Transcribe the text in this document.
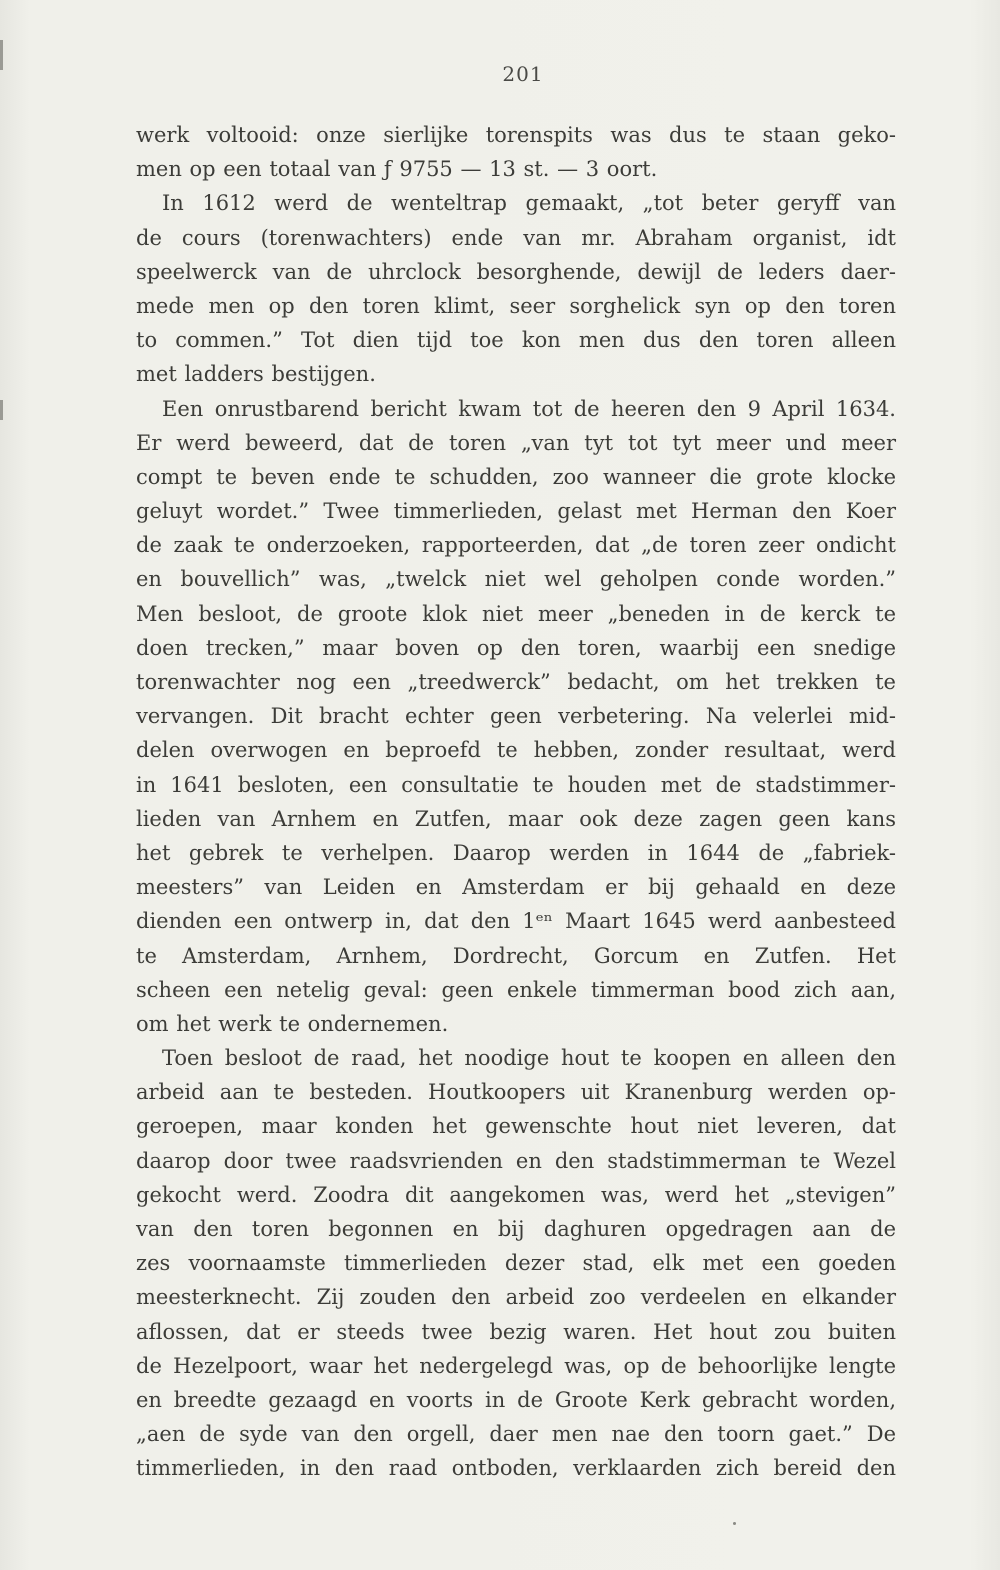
201
werk voltooid: onze sierlijke torenspits was dus te staan geko-
men op een totaal van ƒ 9755 — 13 st. — 3 oort.
In 1612 werd de wenteltrap gemaakt, „tot beter geryff van
de cours (torenwachters) ende van mr. Abraham organist, idt
speelwerck van de uhrclock besorghende, dewijl de leders daer-
mede men op den toren klimt, seer sorghelick syn op den toren
to commen.” Tot dien tijd toe kon men dus den toren alleen
met ladders bestijgen.
Een onrustbarend bericht kwam tot de heeren den 9 April 1634.
Er werd beweerd, dat de toren „van tyt tot tyt meer und meer
compt te beven ende te schudden, zoo wanneer die grote klocke
geluyt wordet.” Twee timmerlieden, gelast met Herman den Koer
de zaak te onderzoeken, rapporteerden, dat „de toren zeer ondicht
en bouvellich” was, „twelck niet wel geholpen conde worden.”
Men besloot, de groote klok niet meer „beneden in de kerck te
doen trecken,” maar boven op den toren, waarbij een snedige
torenwachter nog een „treedwerck” bedacht, om het trekken te
vervangen. Dit bracht echter geen verbetering. Na velerlei mid-
delen overwogen en beproefd te hebben, zonder resultaat, werd
in 1641 besloten, een consultatie te houden met de stadstimmer-
lieden van Arnhem en Zutfen, maar ook deze zagen geen kans
het gebrek te verhelpen. Daarop werden in 1644 de „fabriek-
meesters” van Leiden en Amsterdam er bij gehaald en deze
dienden een ontwerp in, dat den 1ᵉⁿ Maart 1645 werd aanbesteed
te Amsterdam, Arnhem, Dordrecht, Gorcum en Zutfen. Het
scheen een netelig geval: geen enkele timmerman bood zich aan,
om het werk te ondernemen.
Toen besloot de raad, het noodige hout te koopen en alleen den
arbeid aan te besteden. Houtkoopers uit Kranenburg werden op-
geroepen, maar konden het gewenschte hout niet leveren, dat
daarop door twee raadsvrienden en den stadstimmerman te Wezel
gekocht werd. Zoodra dit aangekomen was, werd het „stevigen”
van den toren begonnen en bij daghuren opgedragen aan de
zes voornaamste timmerlieden dezer stad, elk met een goeden
meesterknecht. Zij zouden den arbeid zoo verdeelen en elkander
aflossen, dat er steeds twee bezig waren. Het hout zou buiten
de Hezelpoort, waar het nedergelegd was, op de behoorlijke lengte
en breedte gezaagd en voorts in de Groote Kerk gebracht worden,
„aen de syde van den orgell, daer men nae den toorn gaet.” De
timmerlieden, in den raad ontboden, verklaarden zich bereid den
